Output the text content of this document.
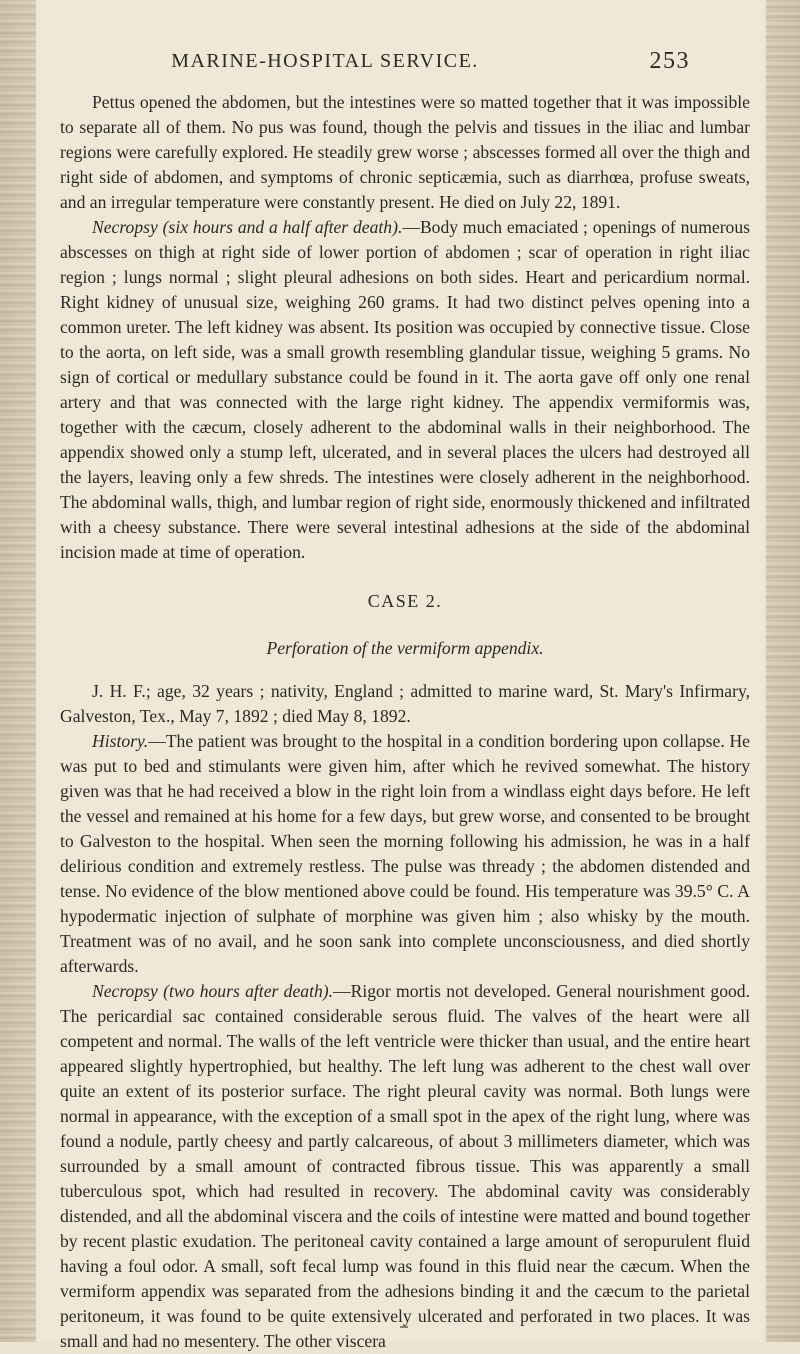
MARINE-HOSPITAL SERVICE.	253

Pettus opened the abdomen, but the intestines were so matted together that it was impossible to separate all of them. No pus was found, though the pelvis and tissues in the iliac and lumbar regions were carefully explored. He steadily grew worse ; abscesses formed all over the thigh and right side of abdomen, and symptoms of chronic septicæmia, such as diarrhœa, profuse sweats, and an irregular temperature were constantly present. He died on July 22, 1891.

Necropsy (six hours and a half after death).—Body much emaciated ; openings of numerous abscesses on thigh at right side of lower portion of abdomen ; scar of operation in right iliac region ; lungs normal ; slight pleural adhesions on both sides. Heart and pericardium normal. Right kidney of unusual size, weighing 260 grams. It had two distinct pelves opening into a common ureter. The left kidney was absent. Its position was occupied by connective tissue. Close to the aorta, on left side, was a small growth resembling glandular tissue, weighing 5 grams. No sign of cortical or medullary substance could be found in it. The aorta gave off only one renal artery and that was connected with the large right kidney. The appendix vermiformis was, together with the cæcum, closely adherent to the abdominal walls in their neighborhood. The appendix showed only a stump left, ulcerated, and in several places the ulcers had destroyed all the layers, leaving only a few shreds. The intestines were closely adherent in the neighborhood. The abdominal walls, thigh, and lumbar region of right side, enormously thickened and infiltrated with a cheesy substance. There were several intestinal adhesions at the side of the abdominal incision made at time of operation.

CASE 2.
Perforation of the vermiform appendix.

J. H. F.; age, 32 years ; nativity, England ; admitted to marine ward, St. Mary's Infirmary, Galveston, Tex., May 7, 1892 ; died May 8, 1892.

History.—The patient was brought to the hospital in a condition bordering upon collapse. He was put to bed and stimulants were given him, after which he revived somewhat. The history given was that he had received a blow in the right loin from a windlass eight days before. He left the vessel and remained at his home for a few days, but grew worse, and consented to be brought to Galveston to the hospital. When seen the morning following his admission, he was in a half delirious condition and extremely restless. The pulse was thready ; the abdomen distended and tense. No evidence of the blow mentioned above could be found. His temperature was 39.5° C. A hypodermatic injection of sulphate of morphine was given him ; also whisky by the mouth. Treatment was of no avail, and he soon sank into complete unconsciousness, and died shortly afterwards.

Necropsy (two hours after death).—Rigor mortis not developed. General nourishment good. The pericardial sac contained considerable serous fluid. The valves of the heart were all competent and normal. The walls of the left ventricle were thicker than usual, and the entire heart appeared slightly hypertrophied, but healthy. The left lung was adherent to the chest wall over quite an extent of its posterior surface. The right pleural cavity was normal. Both lungs were normal in appearance, with the exception of a small spot in the apex of the right lung, where was found a nodule, partly cheesy and partly calcareous, of about 3 millimeters diameter, which was surrounded by a small amount of contracted fibrous tissue. This was apparently a small tuberculous spot, which had resulted in recovery. The abdominal cavity was considerably distended, and all the abdominal viscera and the coils of intestine were matted and bound together by recent plastic exudation. The peritoneal cavity contained a large amount of seropurulent fluid having a foul odor. A small, soft fecal lump was found in this fluid near the cæcum. When the vermiform appendix was separated from the adhesions binding it and the cæcum to the parietal peritoneum, it was found to be quite extensively ulcerated and perforated in two places. It was small and had no mesentery. The other viscera
